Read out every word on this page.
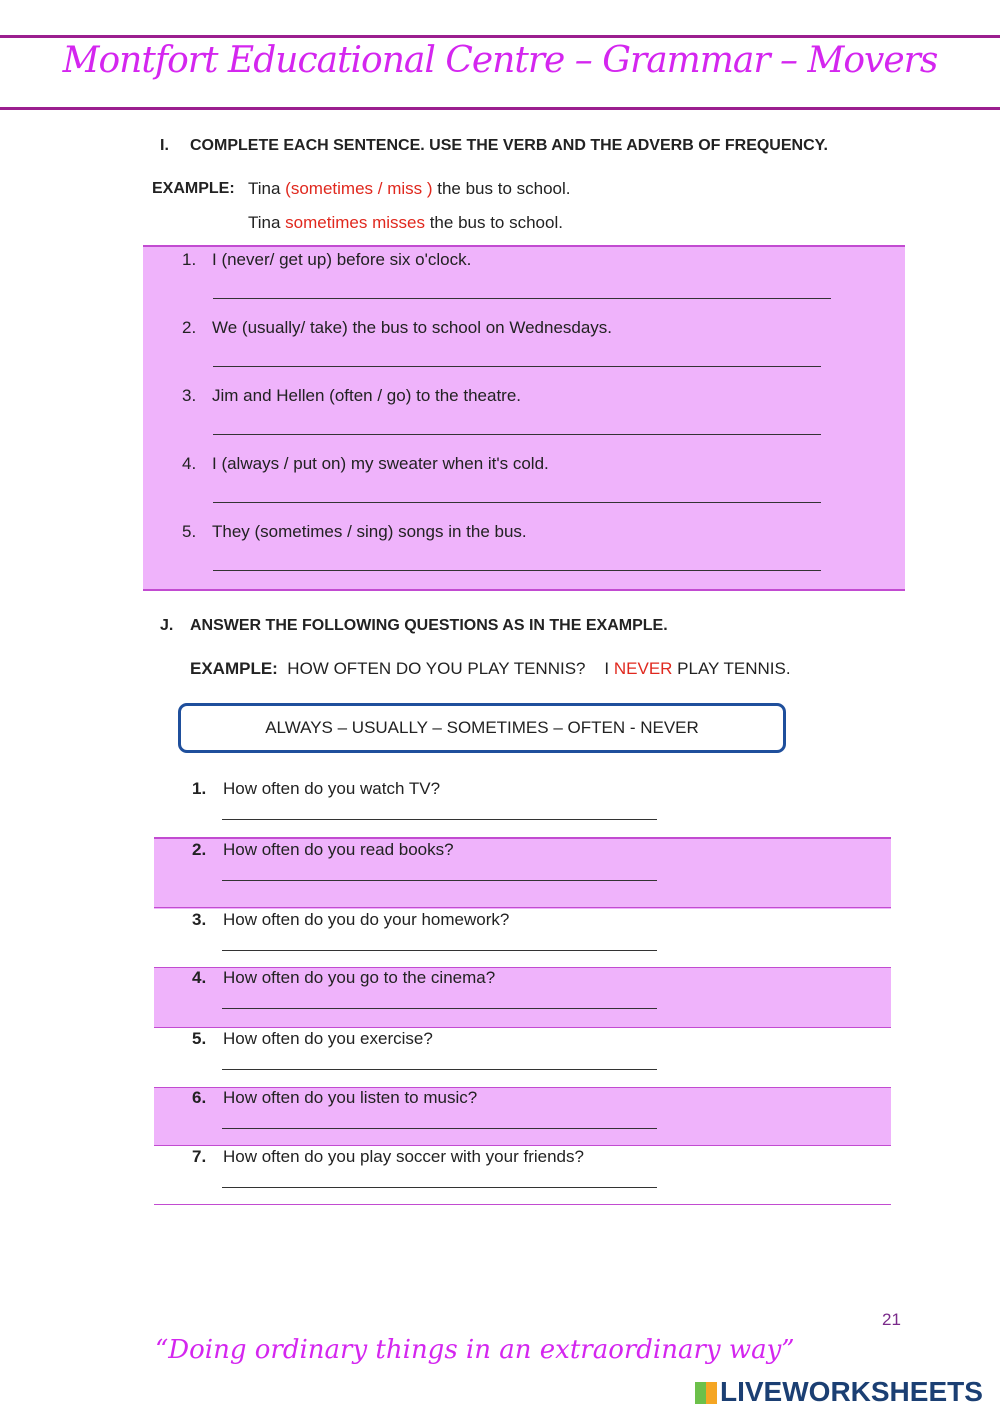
Montfort Educational Centre – Grammar – Movers
I. COMPLETE EACH SENTENCE. USE THE VERB AND THE ADVERB OF FREQUENCY.
EXAMPLE: Tina (sometimes / miss ) the bus to school.
Tina sometimes misses the bus to school.
1. I (never/ get up) before six o'clock.
2. We (usually/ take) the bus to school on Wednesdays.
3. Jim and Hellen (often / go) to the theatre.
4. I (always / put on) my sweater when it's cold.
5. They (sometimes / sing) songs in the bus.
J. ANSWER THE FOLLOWING QUESTIONS AS IN THE EXAMPLE.
EXAMPLE: HOW OFTEN DO YOU PLAY TENNIS? I NEVER PLAY TENNIS.
ALWAYS – USUALLY – SOMETIMES – OFTEN - NEVER
1. How often do you watch TV?
2. How often do you read books?
3. How often do you do your homework?
4. How often do you go to the cinema?
5. How often do you exercise?
6. How often do you listen to music?
7. How often do you play soccer with your friends?
21
“Doing ordinary things in an extraordinary way”
LIVEWORKSHEETS
